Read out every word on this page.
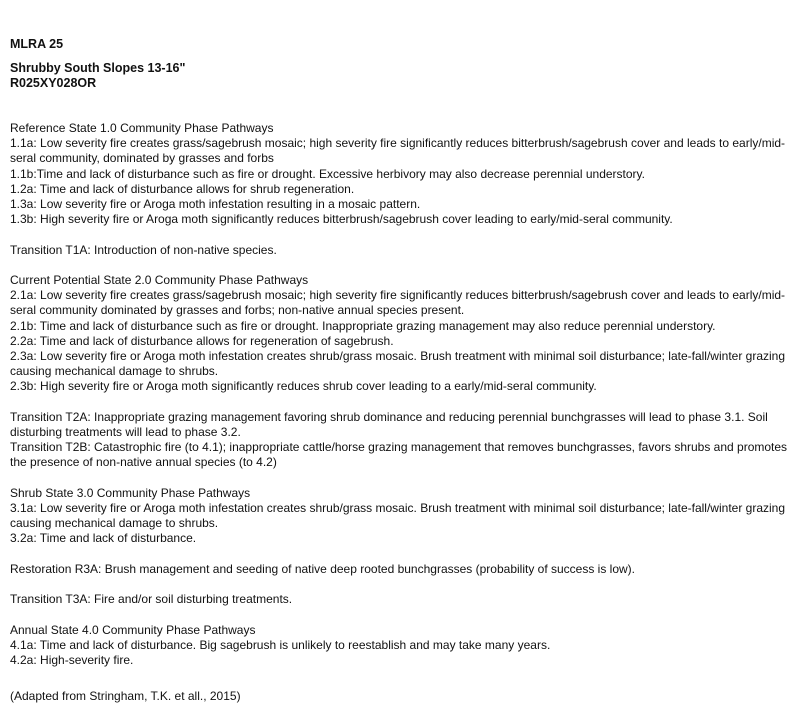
MLRA 25
Shrubby South Slopes 13-16"
R025XY028OR
Reference State 1.0 Community Phase Pathways
1.1a: Low severity fire creates grass/sagebrush mosaic; high severity fire significantly reduces bitterbrush/sagebrush cover and leads to early/mid-seral community, dominated by grasses and forbs
1.1b:Time and lack of disturbance such as fire or drought. Excessive herbivory may also decrease perennial understory.
1.2a: Time and lack of disturbance allows for shrub regeneration.
1.3a: Low severity fire or Aroga moth infestation resulting in a mosaic pattern.
1.3b: High severity fire or Aroga moth significantly reduces bitterbrush/sagebrush cover leading to early/mid-seral community.
Transition T1A: Introduction of non-native species.
Current Potential State 2.0 Community Phase Pathways
2.1a: Low severity fire creates grass/sagebrush mosaic; high severity fire significantly reduces bitterbrush/sagebrush cover and leads to early/mid-seral community dominated by grasses and forbs; non-native annual species present.
2.1b: Time and lack of disturbance such as fire or drought. Inappropriate grazing management may also reduce perennial understory.
2.2a: Time and lack of disturbance allows for regeneration of sagebrush.
2.3a: Low severity fire or Aroga moth infestation creates shrub/grass mosaic. Brush treatment with minimal soil disturbance; late-fall/winter grazing causing mechanical damage to shrubs.
2.3b: High severity fire or Aroga moth significantly reduces shrub cover leading to a early/mid-seral community.
Transition T2A: Inappropriate grazing management favoring shrub dominance and reducing perennial bunchgrasses will lead to phase 3.1. Soil disturbing treatments will lead to phase 3.2.
Transition T2B: Catastrophic fire (to 4.1); inappropriate cattle/horse grazing management that removes bunchgrasses, favors shrubs and promotes the presence of non-native annual species (to 4.2)
Shrub State 3.0 Community Phase Pathways
3.1a: Low severity fire or Aroga moth infestation creates shrub/grass mosaic. Brush treatment with minimal soil disturbance; late-fall/winter grazing causing mechanical damage to shrubs.
3.2a: Time and lack of disturbance.
Restoration R3A: Brush management and seeding of native deep rooted bunchgrasses (probability of success is low).
Transition T3A: Fire and/or soil disturbing treatments.
Annual State 4.0 Community Phase Pathways
4.1a: Time and lack of disturbance. Big sagebrush is unlikely to reestablish and may take many years.
4.2a: High-severity fire.
(Adapted from Stringham, T.K. et all., 2015)
